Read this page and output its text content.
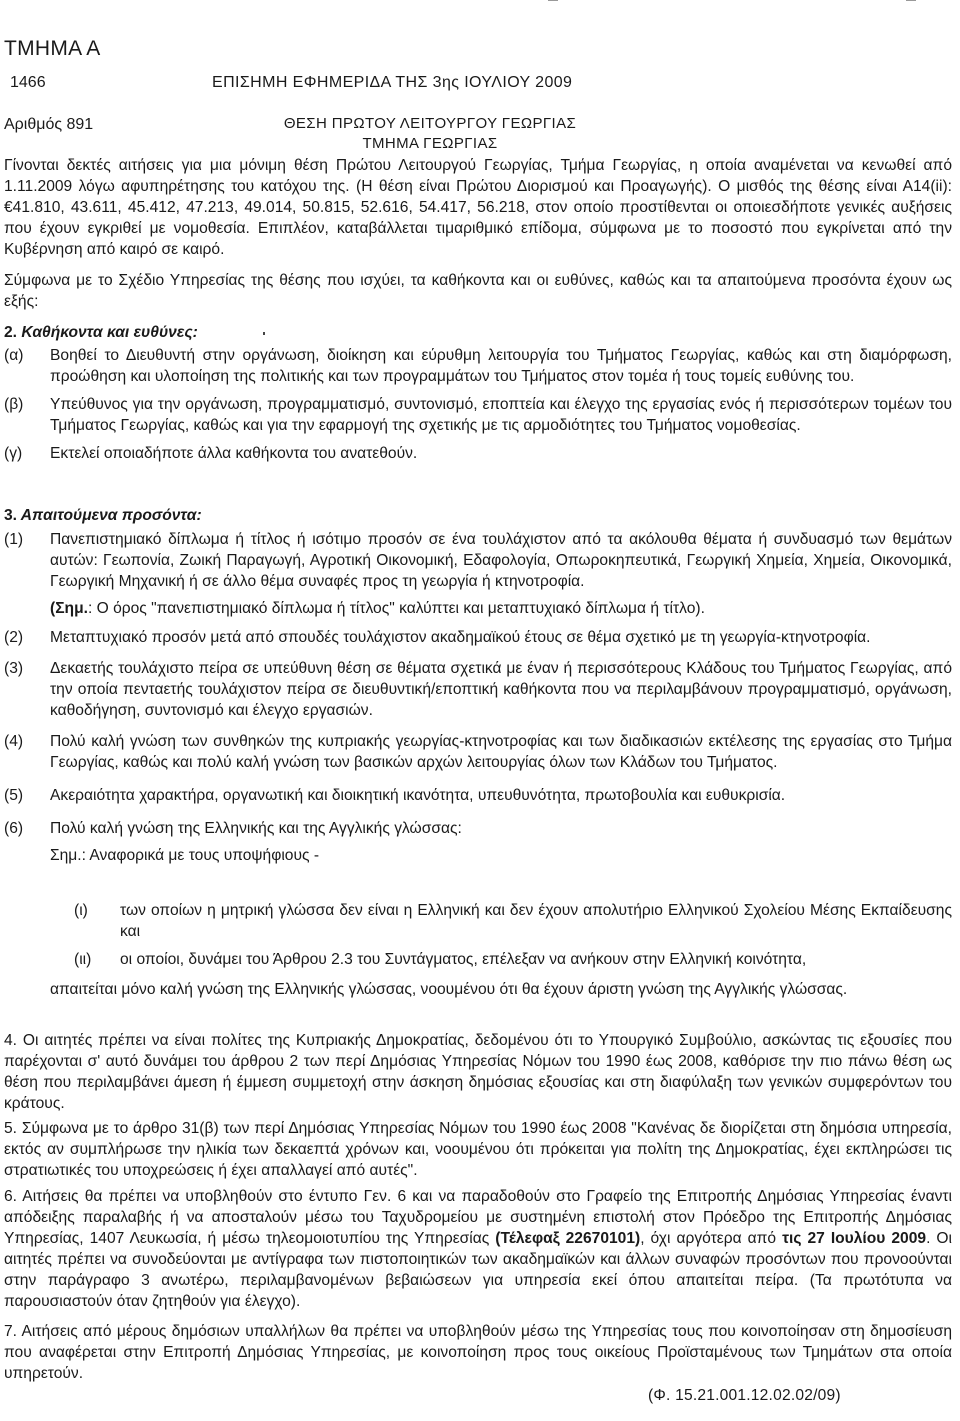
ΤΜΗΜΑ Α
1466	ΕΠΙΣΗΜΗ ΕΦΗΜΕΡΙΔΑ ΤΗΣ 3ης ΙΟΥΛΙΟΥ 2009
Αριθμός 891	ΘΕΣΗ ΠΡΩΤΟΥ ΛΕΙΤΟΥΡΓΟΥ ΓΕΩΡΓΙΑΣ
ΤΜΗΜΑ ΓΕΩΡΓΙΑΣ
Γίνονται δεκτές αιτήσεις για μια μόνιμη θέση Πρώτου Λειτουργού Γεωργίας, Τμήμα Γεωργίας, η οποία αναμένεται να κενωθεί από 1.11.2009 λόγω αφυπηρέτησης του κατόχου της. (Η θέση είναι Πρώτου Διορισμού και Προαγωγής). Ο μισθός της θέσης είναι Α14(ii): €41.810, 43.611, 45.412, 47.213, 49.014, 50.815, 52.616, 54.417, 56.218, στον οποίο προστίθενται οι οποιεσδήποτε γενικές αυξήσεις που έχουν εγκριθεί με νομοθεσία. Επιπλέον, καταβάλλεται τιμαριθμικό επίδομα, σύμφωνα με το ποσοστό που εγκρίνεται από την Κυβέρνηση από καιρό σε καιρό.
Σύμφωνα με το Σχέδιο Υπηρεσίας της θέσης που ισχύει, τα καθήκοντα και οι ευθύνες, καθώς και τα απαιτούμενα προσόντα έχουν ως εξής:
2. Καθήκοντα και ευθύνες:
(α)	Βοηθεί το Διευθυντή στην οργάνωση, διοίκηση και εύρυθμη λειτουργία του Τμήματος Γεωργίας, καθώς και στη διαμόρφωση, προώθηση και υλοποίηση της πολιτικής και των προγραμμάτων του Τμήματος στον τομέα ή τους τομείς ευθύνης του.
(β)	Υπεύθυνος για την οργάνωση, προγραμματισμό, συντονισμό, εποπτεία και έλεγχο της εργασίας ενός ή περισσότερων τομέων του Τμήματος Γεωργίας, καθώς και για την εφαρμογή της σχετικής με τις αρμοδιότητες του Τμήματος νομοθεσίας.
(γ)	Εκτελεί οποιαδήποτε άλλα καθήκοντα του ανατεθούν.
3. Απαιτούμενα προσόντα:
(1)	Πανεπιστημιακό δίπλωμα ή τίτλος ή ισότιμο προσόν σε ένα τουλάχιστον από τα ακόλουθα θέματα ή συνδυασμό των θεμάτων αυτών: Γεωπονία, Ζωική Παραγωγή, Αγροτική Οικονομική, Εδαφολογία, Οπωροκηπευτικά, Γεωργική Χημεία, Χημεία, Οικονομικά, Γεωργική Μηχανική ή σε άλλο θέμα συναφές προς τη γεωργία ή κτηνοτροφία.
(Σημ.: Ο όρος "πανεπιστημιακό δίπλωμα ή τίτλος" καλύπτει και μεταπτυχιακό δίπλωμα ή τίτλο).
(2)	Μεταπτυχιακό προσόν μετά από σπουδές τουλάχιστον ακαδημαϊκού έτους σε θέμα σχετικό με τη γεωργία-κτηνοτροφία.
(3)	Δεκαετής τουλάχιστο πείρα σε υπεύθυνη θέση σε θέματα σχετικά με έναν ή περισσότερους Κλάδους του Τμήματος Γεωργίας, από την οποία πενταετής τουλάχιστον πείρα σε διευθυντική/εποπτική καθήκοντα που να περιλαμβάνουν προγραμματισμό, οργάνωση, καθοδήγηση, συντονισμό και έλεγχο εργασιών.
(4)	Πολύ καλή γνώση των συνθηκών της κυπριακής γεωργίας-κτηνοτροφίας και των διαδικασιών εκτέλεσης της εργασίας στο Τμήμα Γεωργίας, καθώς και πολύ καλή γνώση των βασικών αρχών λειτουργίας όλων των Κλάδων του Τμήματος.
(5)	Ακεραιότητα χαρακτήρα, οργανωτική και διοικητική ικανότητα, υπευθυνότητα, πρωτοβουλία και ευθυκρισία.
(6)	Πολύ καλή γνώση της Ελληνικής και της Αγγλικής γλώσσας:
Σημ.: Αναφορικά με τους υποψήφιους -
(ι) των οποίων η μητρική γλώσσα δεν είναι η Ελληνική και δεν έχουν απολυτήριο Ελληνικού Σχολείου Μέσης Εκπαίδευσης και
(ιι) οι οποίοι, δυνάμει του Άρθρου 2.3 του Συντάγματος, επέλεξαν να ανήκουν στην Ελληνική κοινότητα,
απαιτείται μόνο καλή γνώση της Ελληνικής γλώσσας, νοουμένου ότι θα έχουν άριστη γνώση της Αγγλικής γλώσσας.
4. Οι αιτητές πρέπει να είναι πολίτες της Κυπριακής Δημοκρατίας, δεδομένου ότι το Υπουργικό Συμβούλιο, ασκώντας τις εξουσίες που παρέχονται σ' αυτό δυνάμει του άρθρου 2 των περί Δημόσιας Υπηρεσίας Νόμων του 1990 έως 2008, καθόρισε την πιο πάνω θέση ως θέση που περιλαμβάνει άμεση ή έμμεση συμμετοχή στην άσκηση δημόσιας εξουσίας και στη διαφύλαξη των γενικών συμφερόντων του κράτους.
5. Σύμφωνα με το άρθρο 31(β) των περί Δημόσιας Υπηρεσίας Νόμων του 1990 έως 2008 "Κανένας δε διορίζεται στη δημόσια υπηρεσία, εκτός αν συμπλήρωσε την ηλικία των δεκαεπτά χρόνων και, νοουμένου ότι πρόκειται για πολίτη της Δημοκρατίας, έχει εκπληρώσει τις στρατιωτικές του υποχρεώσεις ή έχει απαλλαγεί από αυτές".
6. Αιτήσεις θα πρέπει να υποβληθούν στο έντυπο Γεν. 6 και να παραδοθούν στο Γραφείο της Επιτροπής Δημόσιας Υπηρεσίας έναντι απόδειξης παραλαβής ή να αποσταλούν μέσω του Ταχυδρομείου με συστημένη επιστολή στον Πρόεδρο της Επιτροπής Δημόσιας Υπηρεσίας, 1407 Λευκωσία, ή μέσω τηλεομοιοτυπίου της Υπηρεσίας (Τέλεφαξ 22670101), όχι αργότερα από τις 27 Ιουλίου 2009. Οι αιτητές πρέπει να συνοδεύονται με αντίγραφα των πιστοποιητικών των ακαδημαϊκών και άλλων συναφών προσόντων που προνοούνται στην παράγραφο 3 ανωτέρω, περιλαμβανομένων βεβαιώσεων για υπηρεσία εκεί όπου απαιτείται πείρα. (Τα πρωτότυπα να παρουσιαστούν όταν ζητηθούν για έλεγχο).
7. Αιτήσεις από μέρους δημόσιων υπαλλήλων θα πρέπει να υποβληθούν μέσω της Υπηρεσίας τους που κοινοποίησαν στη δημοσίευση που αναφέρεται στην Επιτροπή Δημόσιας Υπηρεσίας, με κοινοποίηση προς τους οικείους Προϊσταμένους των Τμημάτων στα οποία υπηρετούν.
(Φ. 15.21.001.12.02.02/09)
